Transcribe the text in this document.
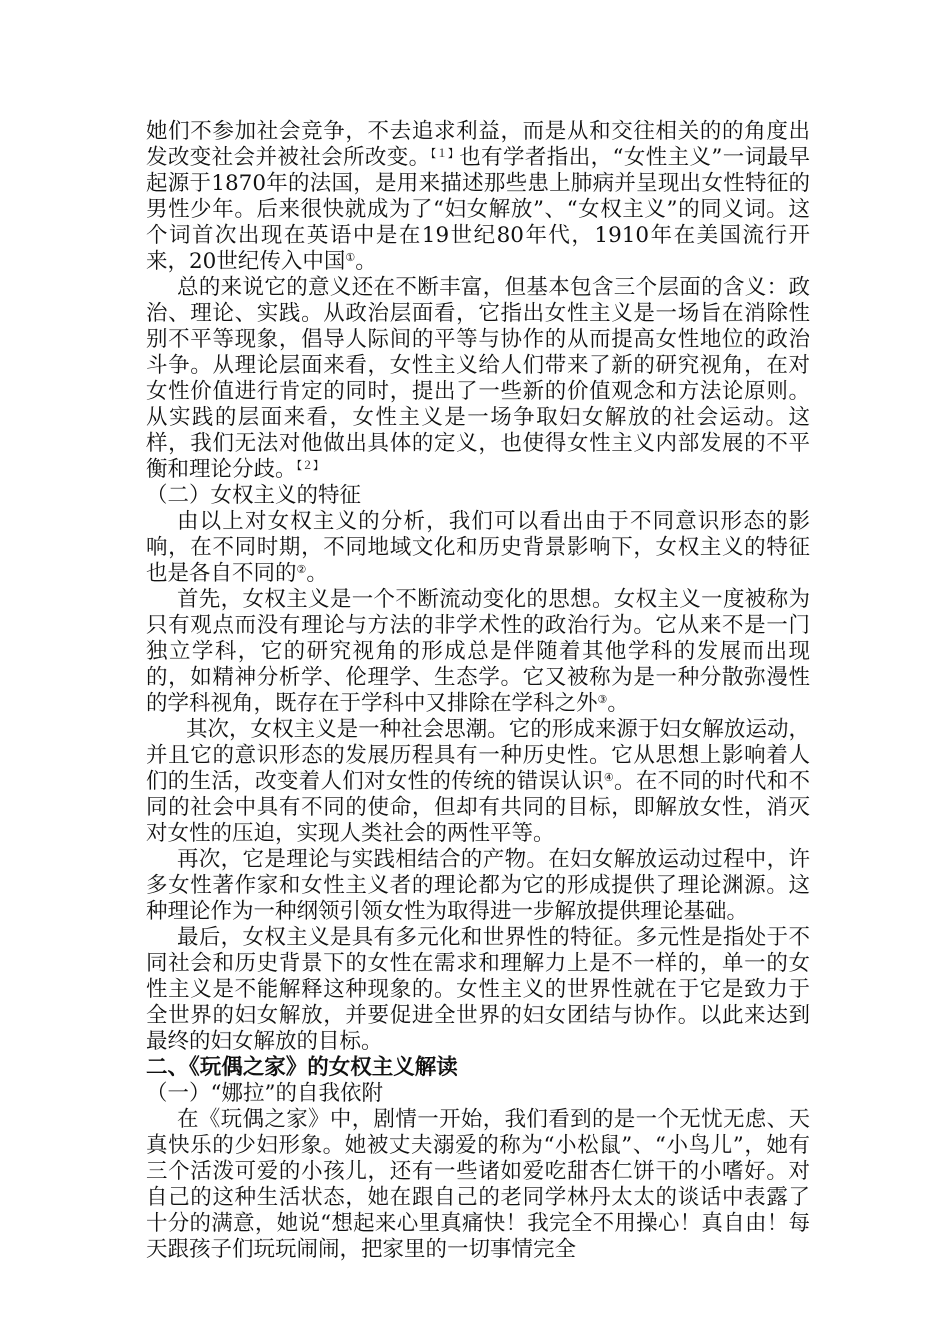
她们不参加社会竞争，不去追求利益，而是从和交往相关的的角度出发改变社会并被社会所改变。$^{【1】}$也有学者指出，“女性主义”一词最早起源于1870年的法国，是用来描述那些患上肺病并呈现出女性特征的男性少年。后来很快就成为了“妇女解放”、“女权主义”的同义词。这个词首次出现在英语中是在19世纪80年代，1910年在美国流行开来，20世纪传入中国①。

总的来说它的意义还在不断丰富，但基本包含三个层面的含义：政治、理论、实践。从政治层面看，它指出女性主义是一场旨在消除性别不平等现象，倡导人际间的平等与协作的从而提高女性地位的政治斗争。从理论层面来看，女性主义给人们带来了新的研究视角，在对女性价值进行肯定的同时，提出了一些新的价值观念和方法论原则。从实践的层面来看，女性主义是一场争取妇女解放的社会运动。这样，我们无法对他做出具体的定义，也使得女性主义内部发展的不平衡和理论分歧。$^{【2】}$

（二）女权主义的特征

由以上对女权主义的分析，我们可以看出由于不同意识形态的影响，在不同时期，不同地域文化和历史背景影响下，女权主义的特征也是各自不同的②。

首先，女权主义是一个不断流动变化的思想。女权主义一度被称为只有观点而没有理论与方法的非学术性的政治行为。它从来不是一门独立学科，它的研究视角的形成总是伴随着其他学科的发展而出现的，如精神分析学、伦理学、生态学。它又被称为是一种分散弥漫性的学科视角，既存在于学科中又排除在学科之外③。

其次，女权主义是一种社会思潮。它的形成来源于妇女解放运动，并且它的意识形态的发展历程具有一种历史性。它从思想上影响着人们的生活，改变着人们对女性的传统的错误认识④。在不同的时代和不同的社会中具有不同的使命，但却有共同的目标，即解放女性，消灭对女性的压迫，实现人类社会的两性平等。

再次，它是理论与实践相结合的产物。在妇女解放运动过程中，许多女性著作家和女性主义者的理论都为它的形成提供了理论渊源。这种理论作为一种纲领引领女性为取得进一步解放提供理论基础。

最后，女权主义是具有多元化和世界性的特征。多元性是指处于不同社会和历史背景下的女性在需求和理解力上是不一样的，单一的女性主义是不能解释这种现象的。女性主义的世界性就在于它是致力于全世界的妇女解放，并要促进全世界的妇女团结与协作。以此来达到最终的妇女解放的目标。

二、《玩偶之家》的女权主义解读

（一）“娜拉”的自我依附

在《玩偶之家》中，剧情一开始，我们看到的是一个无忧无虑、天真快乐的少妇形象。她被丈夫溺爱的称为“小松鼠”、“小鸟儿”，她有三个活泼可爱的小孩儿，还有一些诸如爱吃甜杏仁饼干的小嗜好。对自己的这种生活状态，她在跟自己的老同学林丹太太的谈话中表露了十分的满意，她说“想起来心里真痛快！我完全不用操心！真自由！每天跟孩子们玩玩闹闹，把家里的一切事情完全
